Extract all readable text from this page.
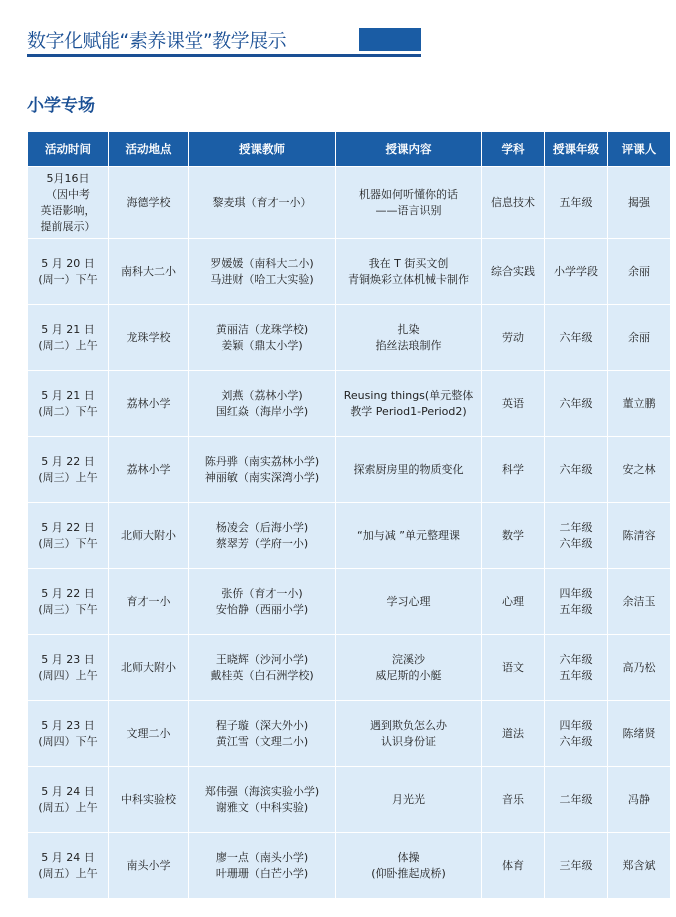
数字化赋能“素养课堂”教学展示
小学专场
活动时间	活动地点	授课教师	授课内容	学科	授课年级	评课人

5月16日
（因中考
英语影响，
提前展示）	海德学校	黎麦琪（育才一小）	机器如何听懂你的话
——语言识别	信息技术	五年级	揭强

5 月 20 日
(周一）下午	南科大二小	罗媛媛（南科大二小)
马进财（哈工大实验)	我在 T 街买文创
青铜焕彩立体机械卡制作	综合实践	小学学段	余丽

5 月 21 日
(周二）上午	龙珠学校	黄丽洁（龙珠学校)
姜颖（鼎太小学)	扎染
掐丝法琅制作	劳动	六年级	余丽

5 月 21 日
(周二）下午	荔林小学	刘燕（荔林小学)
国红焱（海岸小学)	Reusing things(单元整体
教学 Period1-Period2)	英语	六年级	董立鹏

5 月 22 日
(周三）上午	荔林小学	陈丹骅（南实荔林小学)
神丽敏（南实深湾小学)	探索厨房里的物质变化	科学	六年级	安之林

5 月 22 日
(周三）下午	北师大附小	杨凌会（后海小学)
蔡翠芳（学府一小)	“加与减 ”单元整理课	数学	二年级
六年级	陈清容

5 月 22 日
(周三）下午	育才一小	张侨（育才一小)
安怡静（西丽小学)	学习心理	心理	四年级
五年级	余洁玉

5 月 23 日
(周四）上午	北师大附小	王晓辉（沙河小学)
戴桂英（白石洲学校)	浣溪沙
威尼斯的小艇	语文	六年级
五年级	高乃松

5 月 23 日
(周四）下午	文理二小	程子璇（深大外小)
黄江雪（文理二小)	遇到欺负怎么办
认识身份证	道法	四年级
六年级	陈绪贤

5 月 24 日
(周五）上午	中科实验校	郑伟强（海滨实验小学)
谢雅文（中科实验)	月光光	音乐	二年级	冯静

5 月 24 日
(周五）上午	南头小学	廖一点（南头小学)
叶珊珊（白芒小学)	体操
(仰卧推起成桥)	体育	三年级	郑含斌
